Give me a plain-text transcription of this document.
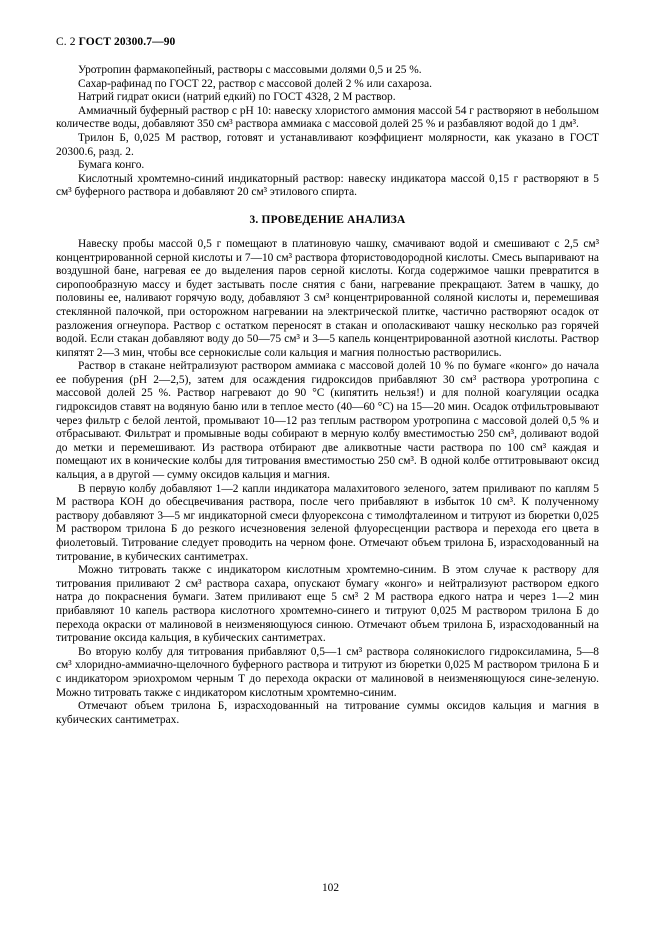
С. 2 ГОСТ 20300.7—90

Уротропин фармакопейный, растворы с массовыми долями 0,5 и 25 %.

Сахар-рафинад по ГОСТ 22, раствор с массовой долей 2 % или сахароза.

Натрий гидрат окиси (натрий едкий) по ГОСТ 4328, 2 М раствор.

Аммиачный буферный раствор с рН 10: навеску хлористого аммония массой 54 г растворяют в небольшом количестве воды, добавляют 350 см³ раствора аммиака с массовой долей 25 % и разбавляют водой до 1 дм³.

Трилон Б, 0,025 М раствор, готовят и устанавливают коэффициент молярности, как указано в ГОСТ 20300.6, разд. 2.

Бумага конго.

Кислотный хромтемно-синий индикаторный раствор: навеску индикатора массой 0,15 г растворяют в 5 см³ буферного раствора и добавляют 20 см³ этилового спирта.

3. ПРОВЕДЕНИЕ АНАЛИЗА

Навеску пробы массой 0,5 г помещают в платиновую чашку, смачивают водой и смешивают с 2,5 см³ концентрированной серной кислоты и 7—10 см³ раствора фтористоводородной кислоты. Смесь выпаривают на воздушной бане, нагревая ее до выделения паров серной кислоты. Когда содержимое чашки превратится в сиропообразную массу и будет застывать после снятия с бани, нагревание прекращают. Затем в чашку, до половины ее, наливают горячую воду, добавляют 3 см³ концентрированной соляной кислоты и, перемешивая стеклянной палочкой, при осторожном нагревании на электрической плитке, частично растворяют осадок от разложения огнеупора. Раствор с остатком переносят в стакан и ополаскивают чашку несколько раз горячей водой. Если стакан добавляют воду до 50—75 см³ и 3—5 капель концентрированной азотной кислоты. Раствор кипятят 2—3 мин, чтобы все сернокислые соли кальция и магния полностью растворились.

Раствор в стакане нейтрализуют раствором аммиака с массовой долей 10 % по бумаге «конго» до начала ее побурения (рН 2—2,5), затем для осаждения гидроксидов прибавляют 30 см³ раствора уротропина с массовой долей 25 %. Раствор нагревают до 90 °С (кипятить нельзя!) и для полной коагуляции осадка гидроксидов ставят на водяную баню или в теплое место (40—60 °С) на 15—20 мин. Осадок отфильтровывают через фильтр с белой лентой, промывают 10—12 раз теплым раствором уротропина с массовой долей 0,5 % и отбрасывают. Фильтрат и промывные воды собирают в мерную колбу вместимостью 250 см³, доливают водой до метки и перемешивают. Из раствора отбирают две аликвотные части раствора по 100 см³ каждая и помещают их в конические колбы для титрования вместимостью 250 см³. В одной колбе оттитровывают оксид кальция, а в другой — сумму оксидов кальция и магния.

В первую колбу добавляют 1—2 капли индикатора малахитового зеленого, затем приливают по каплям 5 М раствора КОН до обесцвечивания раствора, после чего прибавляют в избыток 10 см³. К полученному раствору добавляют 3—5 мг индикаторной смеси флуорексона с тимолфталеином и титруют из бюретки 0,025 М раствором трилона Б до резкого исчезновения зеленой флуоресценции раствора и перехода его цвета в фиолетовый. Титрование следует проводить на черном фоне. Отмечают объем трилона Б, израсходованный на титрование, в кубических сантиметрах.

Можно титровать также с индикатором кислотным хромтемно-синим. В этом случае к раствору для титрования приливают 2 см³ раствора сахара, опускают бумагу «конго» и нейтрализуют раствором едкого натра до покраснения бумаги. Затем приливают еще 5 см³ 2 М раствора едкого натра и через 1—2 мин прибавляют 10 капель раствора кислотного хромтемно-синего и титруют 0,025 М раствором трилона Б до перехода окраски от малиновой в неизменяющуюся синюю. Отмечают объем трилона Б, израсходованный на титрование оксида кальция, в кубических сантиметрах.

Во вторую колбу для титрования прибавляют 0,5—1 см³ раствора солянокислого гидроксиламина, 5—8 см³ хлоридно-аммиачно-щелочного буферного раствора и титруют из бюретки 0,025 М раствором трилона Б и с индикатором эриохромом черным Т до перехода окраски от малиновой в неизменяющуюся сине-зеленую. Можно титровать также с индикатором кислотным хромтемно-синим.

Отмечают объем трилона Б, израсходованный на титрование суммы оксидов кальция и магния в кубических сантиметрах.

102
